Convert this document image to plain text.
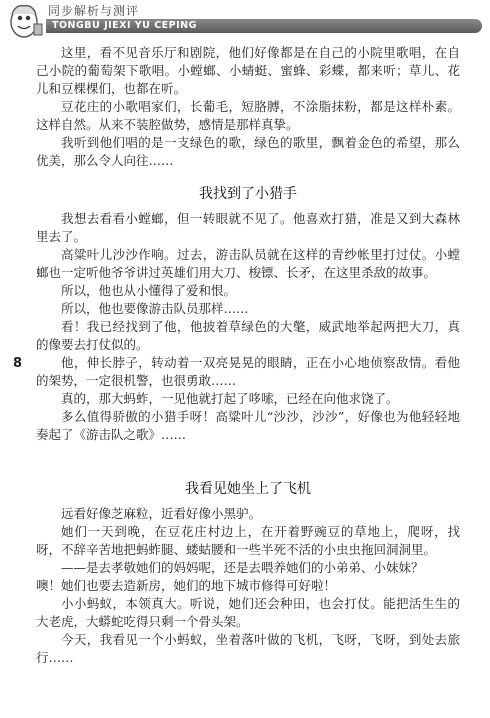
同步解析与测评
TONGBU JIEXI YU CEPING
8

这里，看不见音乐厅和剧院，他们好像都是在自己的小院里歌唱，在自己小院的葡萄架下歌唱。小螳螂、小蜻蜓、蜜蜂、彩蝶，都来听；草儿、花儿和豆棵棵们，也都在听。

豆花庄的小歌唱家们，长葡毛，短胳膊，不涂脂抹粉，都是这样朴素。这样自然。从来不装腔做势，感情是那样真挚。

我听到他们唱的是一支绿色的歌，绿色的歌里，飘着金色的希望，那么优美，那么令人向往……

我找到了小猎手

我想去看看小螳螂，但一转眼就不见了。他喜欢打猎，准是又到大森林里去了。

高粱叶儿沙沙作响。过去，游击队员就在这样的青纱帐里打过仗。小螳螂也一定听他爷爷讲过英雄们用大刀、梭镖、长矛，在这里杀敌的故事。

所以，他也从小懂得了爱和恨。

所以，他也要像游击队员那样……

看！我已经找到了他，他披着草绿色的大氅，威武地举起两把大刀，真的像要去打仗似的。

他，伸长脖子，转动着一双亮晃晃的眼睛，正在小心地侦察敌情。看他的架势，一定很机警，也很勇敢……

真的，那大蚂蚱，一见他就打起了哆嗦，已经在向他求饶了。

多么值得骄傲的小猎手呀！高粱叶儿“沙沙，沙沙”，好像也为他轻轻地奏起了《游击队之歌》……

我看见她坐上了飞机

远看好像芝麻粒，近看好像小黑驴。

她们一天到晚，在豆花庄村边上，在开着野豌豆的草地上，爬呀，找呀，不辞辛苦地把蚂蚱腿、蝼蛄腰和一些半死不活的小虫虫拖回洞洞里。

——是去孝敬她们的妈妈呢，还是去喂养她们的小弟弟、小妹妹？

噢！她们也要去造新房，她们的地下城市修得可好啦！

小小蚂蚁，本领真大。听说，她们还会种田，也会打仗。能把活生生的大老虎，大蟒蛇吃得只剩一个骨头架。

今天，我看见一个小蚂蚁，坐着落叶做的飞机，飞呀，飞呀，到处去旅行……
